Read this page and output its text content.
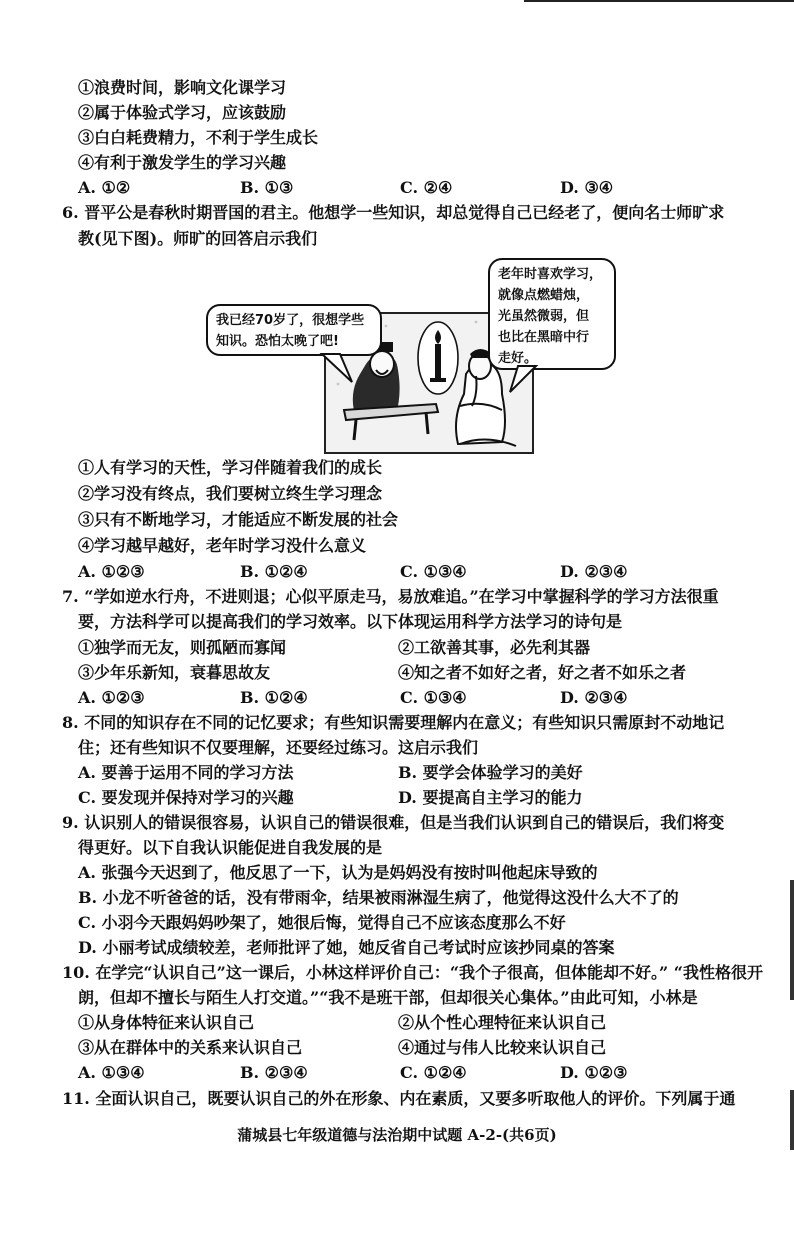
①浪费时间，影响文化课学习
②属于体验式学习，应该鼓励
③白白耗费精力，不利于学生成长
④有利于激发学生的学习兴趣
A. ①②	B. ①③	C. ②④	D. ③④
6. 晋平公是春秋时期晋国的君主。他想学一些知识，却总觉得自己已经老了，便向名士师旷求
教(见下图)。师旷的回答启示我们
我已经70岁了，很想学些
知识。恐怕太晚了吧!
老年时喜欢学习，
就像点燃蜡烛，
光虽然微弱，但
也比在黑暗中行
走好。
①人有学习的天性，学习伴随着我们的成长
②学习没有终点，我们要树立终生学习理念
③只有不断地学习，才能适应不断发展的社会
④学习越早越好，老年时学习没什么意义
A. ①②③	B. ①②④	C. ①③④	D. ②③④
7. “学如逆水行舟，不进则退；心似平原走马，易放难追。”在学习中掌握科学的学习方法很重
要，方法科学可以提高我们的学习效率。以下体现运用科学方法学习的诗句是
①独学而无友，则孤陋而寡闻	②工欲善其事，必先利其器
③少年乐新知，衰暮思故友	④知之者不如好之者，好之者不如乐之者
A. ①②③	B. ①②④	C. ①③④	D. ②③④
8. 不同的知识存在不同的记忆要求；有些知识需要理解内在意义；有些知识只需原封不动地记
住；还有些知识不仅要理解，还要经过练习。这启示我们
A. 要善于运用不同的学习方法	B. 要学会体验学习的美好
C. 要发现并保持对学习的兴趣	D. 要提高自主学习的能力
9. 认识别人的错误很容易，认识自己的错误很难，但是当我们认识到自己的错误后，我们将变
得更好。以下自我认识能促进自我发展的是
A. 张强今天迟到了，他反思了一下，认为是妈妈没有按时叫他起床导致的
B. 小龙不听爸爸的话，没有带雨伞，结果被雨淋湿生病了，他觉得这没什么大不了的
C. 小羽今天跟妈妈吵架了，她很后悔，觉得自己不应该态度那么不好
D. 小丽考试成绩较差，老师批评了她，她反省自己考试时应该抄同桌的答案
10. 在学完“认识自己”这一课后，小林这样评价自己：“我个子很高，但体能却不好。” “我性格很开
朗，但却不擅长与陌生人打交道。”“我不是班干部，但却很关心集体。”由此可知，小林是
①从身体特征来认识自己	②从个性心理特征来认识自己
③从在群体中的关系来认识自己	④通过与伟人比较来认识自己
A. ①③④	B. ②③④	C. ①②④	D. ①②③
11. 全面认识自己，既要认识自己的外在形象、内在素质，又要多听取他人的评价。下列属于通
蒲城县七年级道德与法治期中试题 A-2-(共6页)
